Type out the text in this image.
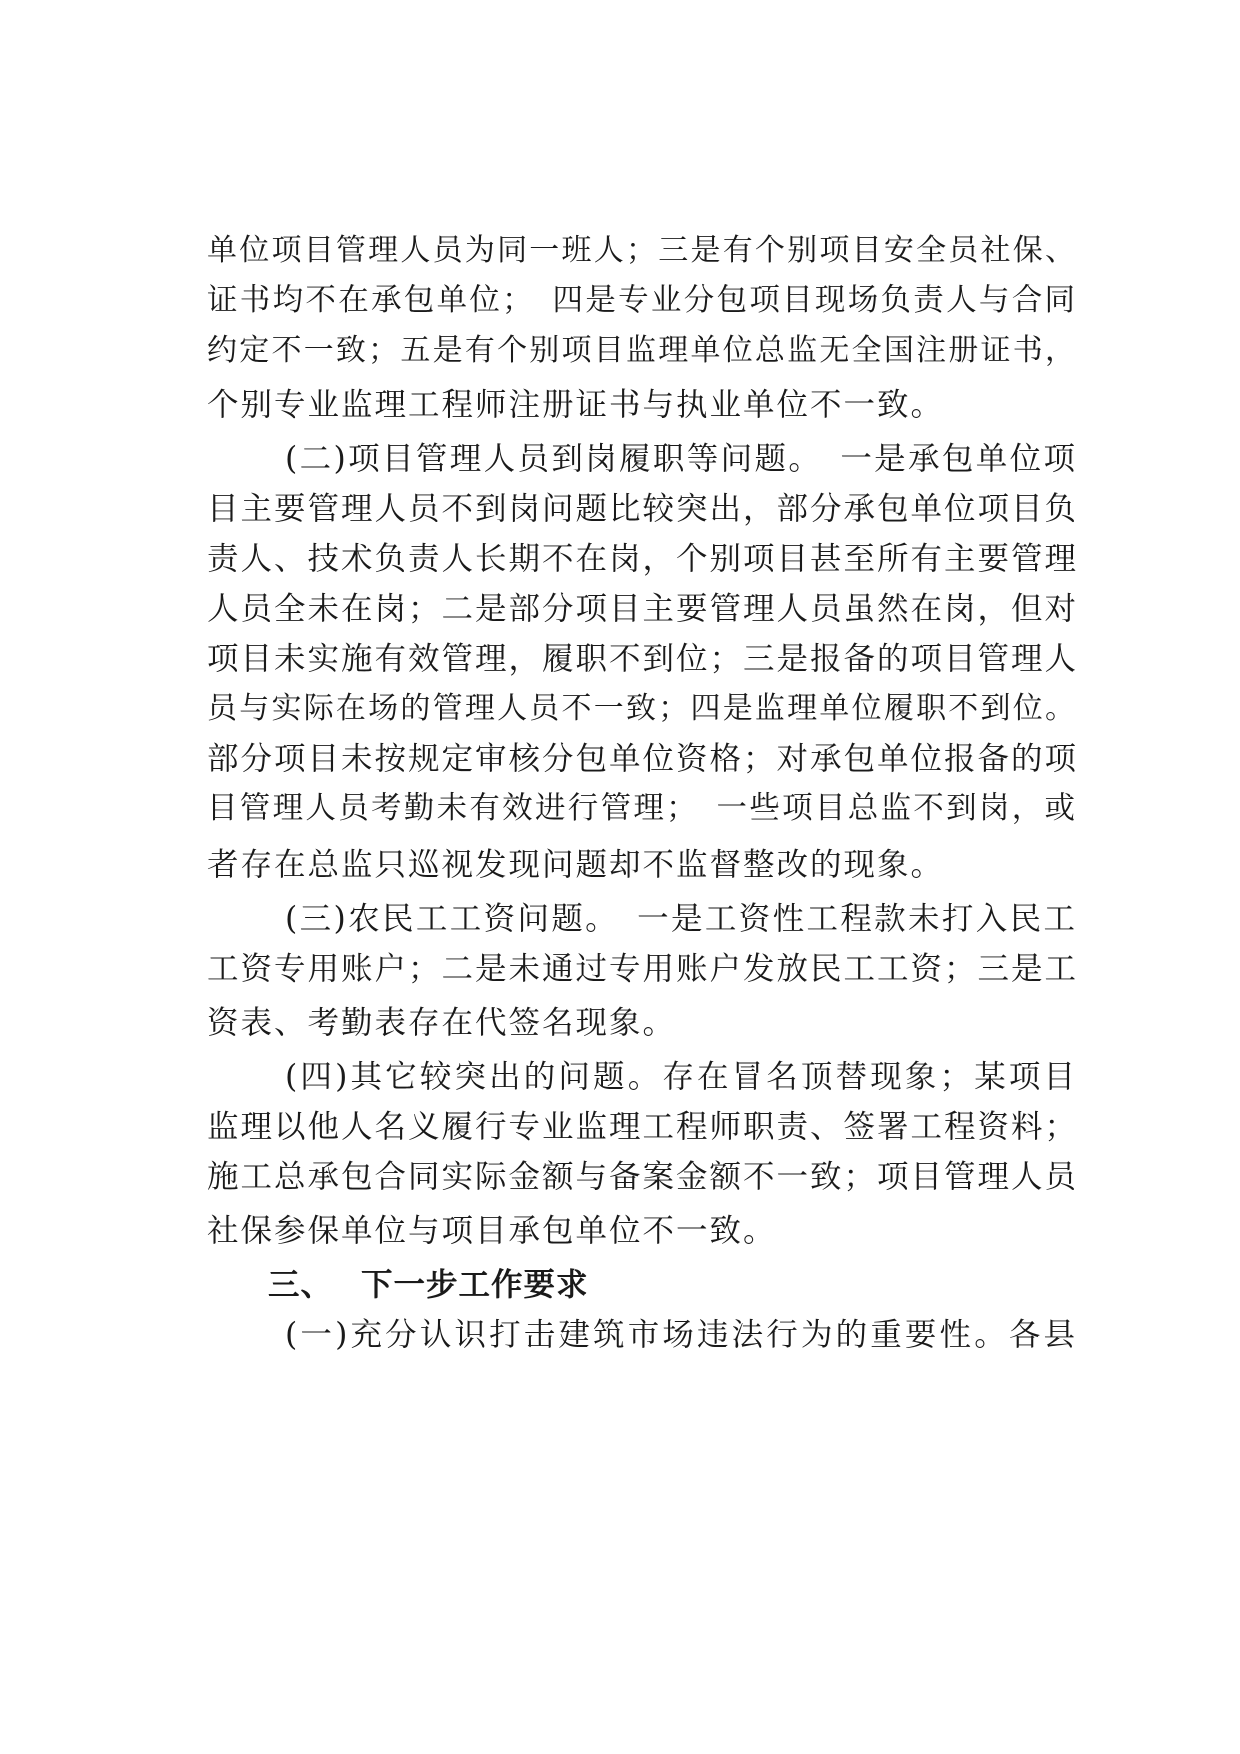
单位项目管理人员为同一班人；三是有个别项目安全员社保、
证书均不在承包单位；　四是专业分包项目现场负责人与合同
约定不一致；五是有个别项目监理单位总监无全国注册证书，
个别专业监理工程师注册证书与执业单位不一致。
(二)项目管理人员到岗履职等问题。　一是承包单位项
目主要管理人员不到岗问题比较突出，部分承包单位项目负
责人、技术负责人长期不在岗，个别项目甚至所有主要管理
人员全未在岗；二是部分项目主要管理人员虽然在岗，但对
项目未实施有效管理，履职不到位；三是报备的项目管理人
员与实际在场的管理人员不一致；四是监理单位履职不到位。
部分项目未按规定审核分包单位资格；对承包单位报备的项
目管理人员考勤未有效进行管理；　一些项目总监不到岗，或
者存在总监只巡视发现问题却不监督整改的现象。
(三)农民工工资问题。　一是工资性工程款未打入民工
工资专用账户；二是未通过专用账户发放民工工资；三是工
资表、考勤表存在代签名现象。
(四)其它较突出的问题。存在冒名顶替现象；某项目
监理以他人名义履行专业监理工程师职责、签署工程资料；
施工总承包合同实际金额与备案金额不一致；项目管理人员
社保参保单位与项目承包单位不一致。
三、 下一步工作要求
(一)充分认识打击建筑市场违法行为的重要性。各县
